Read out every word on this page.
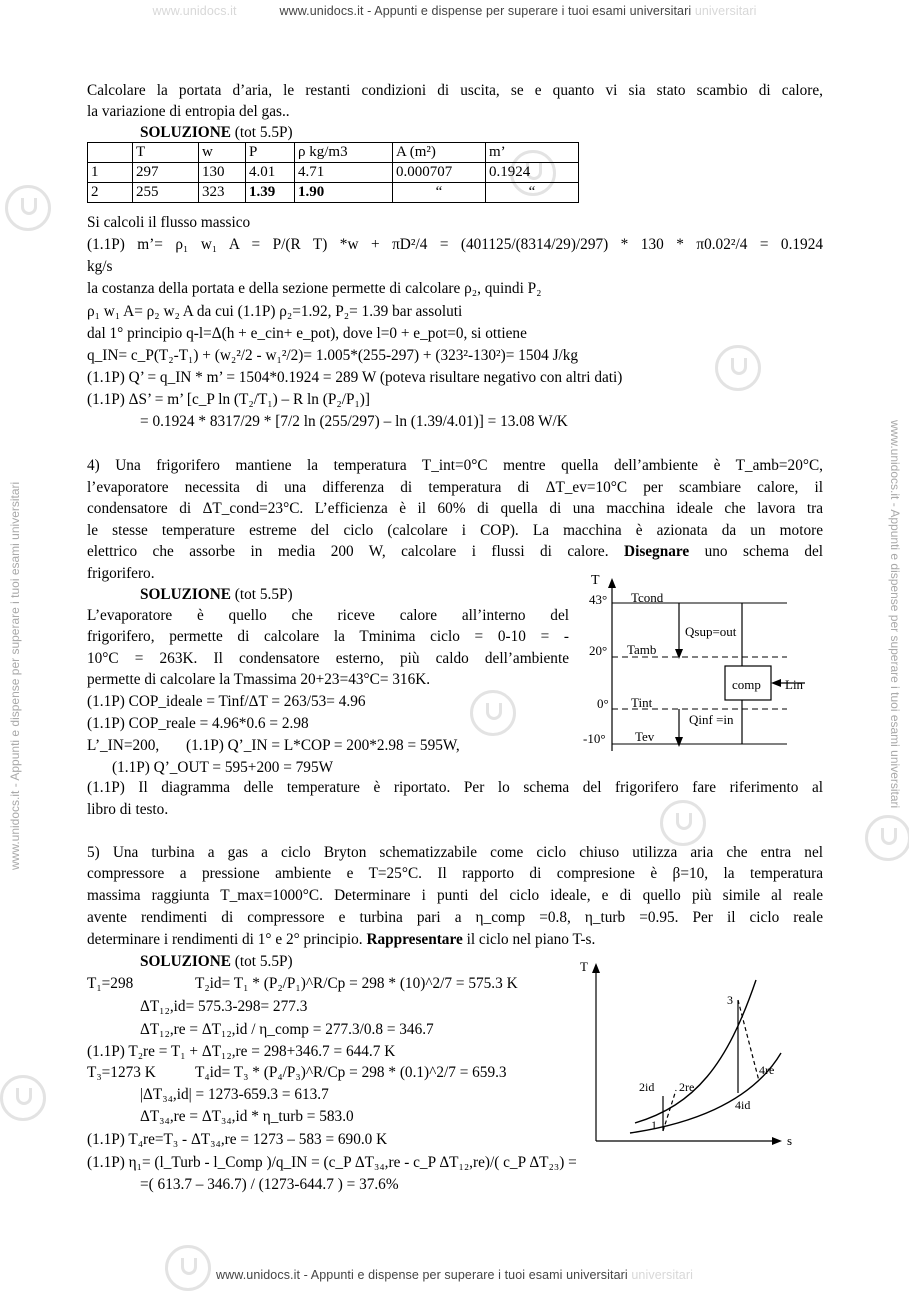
www.unidocs.it	www.unidocs.it - Appunti e dispense per superare i tuoi esami universitari universitari
www.unidocs.it - Appunti e dispense per superare i tuoi esami universitari universitari
www.unidocs.it - Appunti e dispense per superare i tuoi esami universitari	www.unidocs.it - Appunti e dispense per superare i tuoi esami universitari
Calcolare la portata d’aria, le restanti condizioni di uscita, se e quanto vi sia stato scambio di calore,
la variazione di entropia del gas..
SOLUZIONE (tot 5.5P)
	T	w	P	ρ kg/m3	A (m²)	m’
1	297	130	4.01	4.71	0.000707	0.1924
2	255	323	1.39	1.90	“	“
Si calcoli il flusso massico
(1.1P) m’= ρ₁ w₁ A = P/(R T) *w + πD²/4 = (401125/(8314/29)/297) * 130 * π0.02²/4 = 0.1924
kg/s
la costanza della portata e della sezione permette di calcolare ρ₂, quindi P₂
ρ₁ w₁ A= ρ₂ w₂ A da cui (1.1P) ρ₂=1.92, P₂= 1.39 bar assoluti
dal 1° principio q-l=Δ(h + e_cin+ e_pot), dove l=0 + e_pot=0, si ottiene
q_IN= c_P(T₂-T₁) + (w₂²/2 - w₁²/2)= 1.005*(255-297) + (323²-130²)= 1504 J/kg
(1.1P) Q’ = q_IN * m’ = 1504*0.1924 = 289 W (poteva risultare negativo con altri dati)
(1.1P) ΔS’ = m’ [c_P ln (T₂/T₁) – R ln (P₂/P₁)]
= 0.1924 * 8317/29 * [7/2 ln (255/297) – ln (1.39/4.01)] = 13.08 W/K
4) Una frigorifero mantiene la temperatura T_int=0°C mentre quella dell’ambiente è T_amb=20°C,
l’evaporatore necessita di una differenza di temperatura di ΔT_ev=10°C per scambiare calore, il
condensatore di ΔT_cond=23°C. L’efficienza è il 60% di quella di una macchina ideale che lavora tra
le stesse temperature estreme del ciclo (calcolare i COP). La macchina è azionata da un motore
elettrico che assorbe in media 200 W, calcolare i flussi di calore. Disegnare uno schema del
frigorifero.
SOLUZIONE (tot 5.5P)
L’evaporatore è quello che riceve calore all’interno del
frigorifero, permette di calcolare la Tminima ciclo = 0-10 = -
10°C = 263K. Il condensatore esterno, più caldo dell’ambiente
permette di calcolare la Tmassima 20+23=43°C= 316K.
(1.1P) COP_ideale = Tinf/ΔT = 263/53= 4.96
(1.1P) COP_reale = 4.96*0.6 = 2.98
L’_IN=200,       (1.1P) Q’_IN = L*COP = 200*2.98 = 595W,
(1.1P) Q’_OUT = 595+200 = 795W
(1.1P) Il diagramma delle temperature è riportato. Per lo schema del frigorifero fare riferimento al
libro di testo.
T
43°
20°
0°
-10°
Tcond
Tamb
Tint
Tev
Qsup=out
Qinf =in
comp Lin
5) Una turbina a gas a ciclo Bryton schematizzabile come ciclo chiuso utilizza aria che entra nel
compressore a pressione ambiente e T=25°C. Il rapporto di compresione è β=10, la temperatura
massima raggiunta T_max=1000°C. Determinare i punti del ciclo ideale, e di quello più simile al reale
avente rendimenti di compressore e turbina pari a η_comp =0.8, η_turb =0.95. Per il ciclo reale
determinare i rendimenti di 1° e 2° principio. Rappresentare il ciclo nel piano T-s.
SOLUZIONE (tot 5.5P)
T₁=298	T₂id= T₁ * (P₂/P₁)^R/Cp = 298 * (10)^2/7 = 575.3 K
ΔT₁₂,id= 575.3-298= 277.3
ΔT₁₂,re = ΔT₁₂,id / η_comp = 277.3/0.8 = 346.7
(1.1P) T₂re = T₁ + ΔT₁₂,re = 298+346.7 = 644.7 K
T₃=1273 K	T₄id= T₃ * (P₄/P₃)^R/Cp = 298 * (0.1)^2/7 = 659.3
|ΔT₃₄,id| = 1273-659.3 = 613.7
ΔT₃₄,re = ΔT₃₄,id * η_turb = 583.0
(1.1P) T₄re=T₃ - ΔT₃₄,re = 1273 – 583 = 690.0 K
(1.1P) η₁= (l_Turb - l_Comp )/q_IN = (c_P ΔT₃₄,re - c_P ΔT₁₂,re)/( c_P ΔT₂₃) =
=( 613.7 – 346.7) / (1273-644.7 ) = 37.6%
T
s
1
2id 2re
3
4re
4id
